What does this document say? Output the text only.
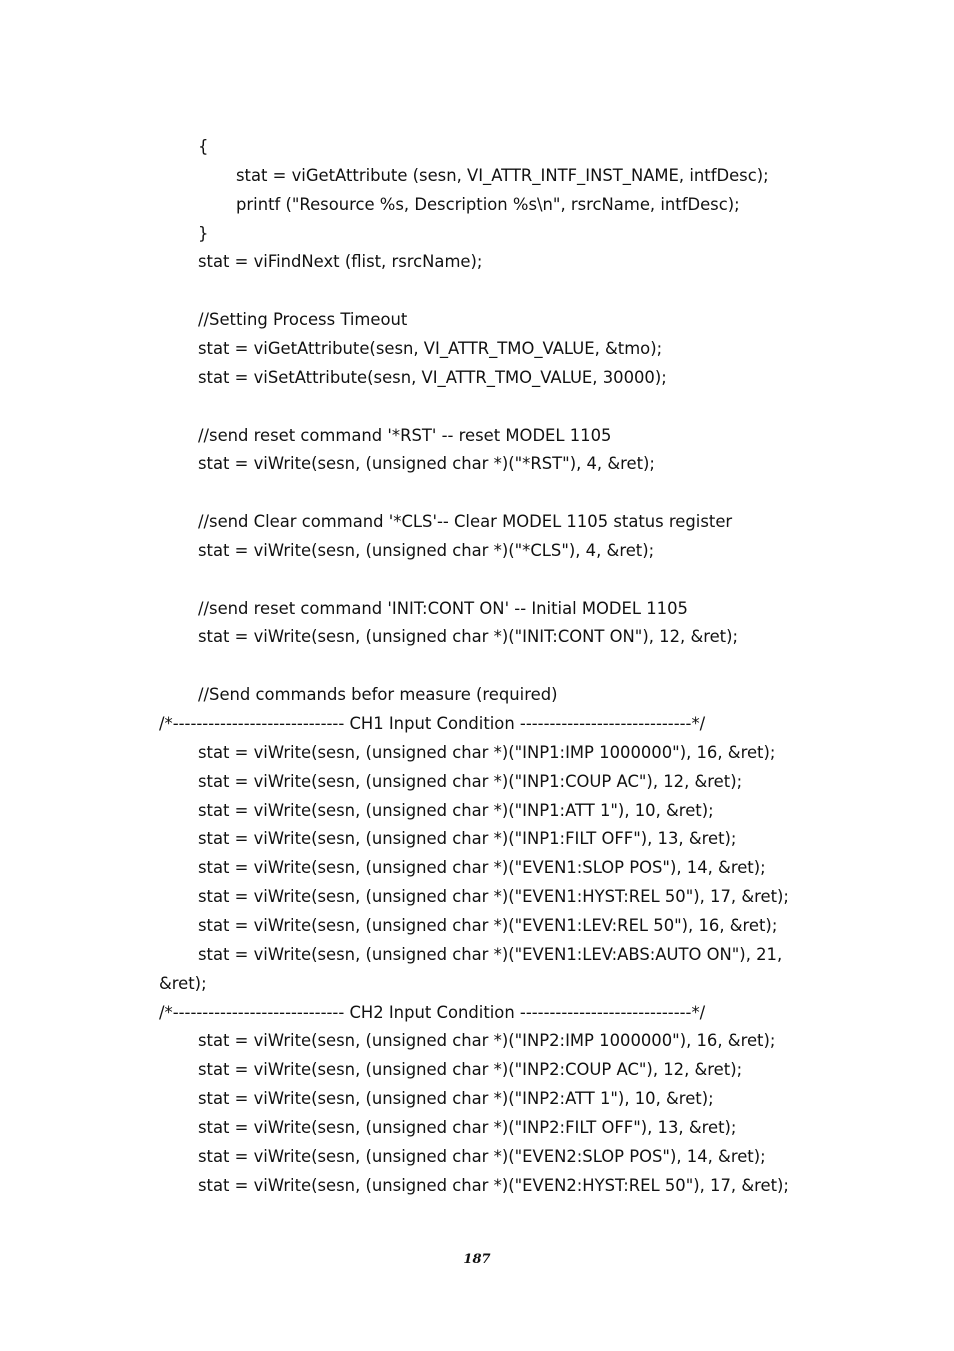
{
stat = viGetAttribute (sesn, VI_ATTR_INTF_INST_NAME, intfDesc);
printf ("Resource %s, Description %s\n", rsrcName, intfDesc);
}
stat = viFindNext (flist, rsrcName);
//Setting Process Timeout
stat = viGetAttribute(sesn, VI_ATTR_TMO_VALUE, &tmo);
stat = viSetAttribute(sesn, VI_ATTR_TMO_VALUE, 30000);
//send reset command '*RST' -- reset MODEL 1105
stat = viWrite(sesn, (unsigned char *)("*RST"), 4, &ret);
//send Clear command '*CLS'-- Clear MODEL 1105 status register
stat = viWrite(sesn, (unsigned char *)("*CLS"), 4, &ret);
//send reset command 'INIT:CONT ON' -- Initial MODEL 1105
stat = viWrite(sesn, (unsigned char *)("INIT:CONT ON"), 12, &ret);
//Send commands befor measure (required)
/*----------------------------- CH1 Input Condition -----------------------------*/
stat = viWrite(sesn, (unsigned char *)("INP1:IMP 1000000"), 16, &ret);
stat = viWrite(sesn, (unsigned char *)("INP1:COUP AC"), 12, &ret);
stat = viWrite(sesn, (unsigned char *)("INP1:ATT 1"), 10, &ret);
stat = viWrite(sesn, (unsigned char *)("INP1:FILT OFF"), 13, &ret);
stat = viWrite(sesn, (unsigned char *)("EVEN1:SLOP POS"), 14, &ret);
stat = viWrite(sesn, (unsigned char *)("EVEN1:HYST:REL 50"), 17, &ret);
stat = viWrite(sesn, (unsigned char *)("EVEN1:LEV:REL 50"), 16, &ret);
stat = viWrite(sesn, (unsigned char *)("EVEN1:LEV:ABS:AUTO ON"), 21,
&ret);
/*----------------------------- CH2 Input Condition -----------------------------*/
stat = viWrite(sesn, (unsigned char *)("INP2:IMP 1000000"), 16, &ret);
stat = viWrite(sesn, (unsigned char *)("INP2:COUP AC"), 12, &ret);
stat = viWrite(sesn, (unsigned char *)("INP2:ATT 1"), 10, &ret);
stat = viWrite(sesn, (unsigned char *)("INP2:FILT OFF"), 13, &ret);
stat = viWrite(sesn, (unsigned char *)("EVEN2:SLOP POS"), 14, &ret);
stat = viWrite(sesn, (unsigned char *)("EVEN2:HYST:REL 50"), 17, &ret);
187
